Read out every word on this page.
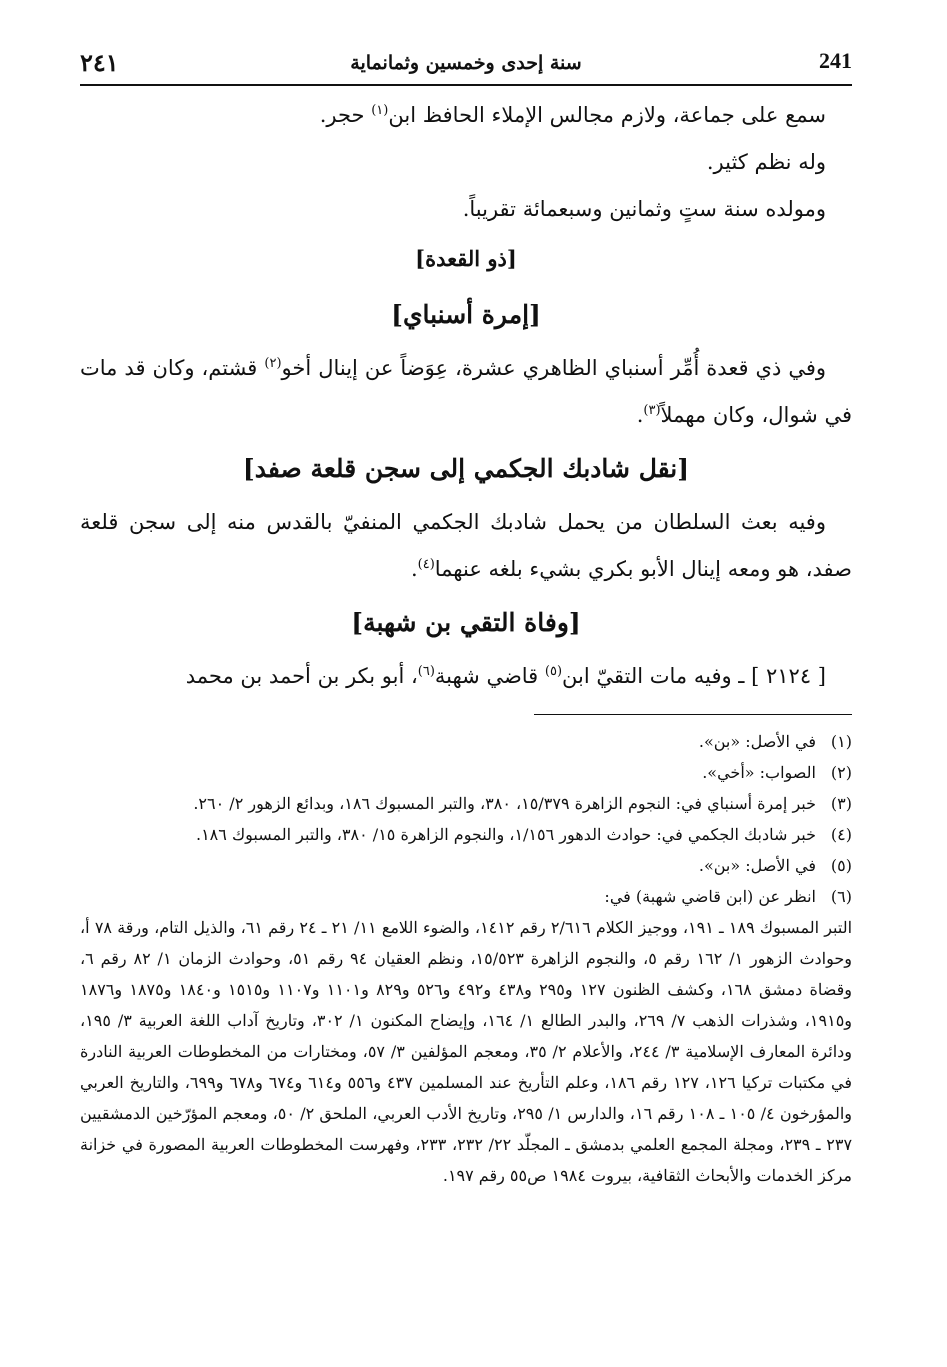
٢٤١	سنة إحدى وخمسين وثمانماية	241

سمع على جماعة، ولازم مجالس الإملاء الحافظ ابن$^{(١)}$ حجر.

وله نظم كثير.

ومولده سنة ستٍ وثمانين وسبعمائة تقريباً.

[ذو القعدة]

[إمرة أسنباي]

وفي ذي قعدة أُمِّر أسنباي الظاهري عشرة، عِوَضاً عن إينال أخو$^{(٢)}$ قشتم، وكان قد مات في شوال، وكان مهملاً$^{(٣)}$.

[نقل شادبك الجكمي إلى سجن قلعة صفد]

وفيه بعث السلطان من يحمل شادبك الجكمي المنفيّ بالقدس منه إلى سجن قلعة صفد، هو ومعه إينال الأبو بكري بشيء بلغه عنهما$^{(٤)}$.

[وفاة التقي بن شهبة]

[ ٢١٢٤ ] ـ وفيه مات التقيّ ابن$^{(٥)}$ قاضي شهبة$^{(٦)}$، أبو بكر بن أحمد بن محمد

(١)
في الأصل: «بن».

(٢)
الصواب: «أخي».

(٣)
خبر إمرة أسنباي في: النجوم الزاهرة ١٥/٣٧٩، ٣٨٠، والتبر المسبوك ١٨٦، وبدائع الزهور ٢/ ٢٦٠.

(٤)
خبر شادبك الجكمي في: حوادث الدهور ١/١٥٦، والنجوم الزاهرة ١٥/ ٣٨٠، والتبر المسبوك ١٨٦.

(٥)
في الأصل: «بن».

(٦)
انظر عن (ابن قاضي شهبة) في:

التبر المسبوك ١٨٩ ـ ١٩١، ووجيز الكلام ٢/٦١٦ رقم ١٤١٢، والضوء اللامع ١١/ ٢١ ـ ٢٤ رقم ٦١، والذيل التام، ورقة ٧٨ أ، وحوادث الزهور ١/ ١٦٢ رقم ٥، والنجوم الزاهرة ١٥/٥٢٣، ونظم العقيان ٩٤ رقم ٥١، وحوادث الزمان ١/ ٨٢ رقم ٦، وقضاة دمشق ١٦٨، وكشف الظنون ١٢٧ و٢٩٥ و٤٣٨ و٤٩٢ و٥٢٦ و٨٢٩ و١١٠١ و١١٠٧ و١٥١٥ و١٨٤٠ و١٨٧٥ و١٨٧٦ و١٩١٥، وشذرات الذهب ٧/ ٢٦٩، والبدر الطالع ١/ ١٦٤، وإيضاح المكنون ١/ ٣٠٢، وتاريخ آداب اللغة العربية ٣/ ١٩٥، ودائرة المعارف الإسلامية ٣/ ٢٤٤، والأعلام ٢/ ٣٥، ومعجم المؤلفين ٣/ ٥٧، ومختارات من المخطوطات العربية النادرة في مكتبات تركيا ١٢٦، ١٢٧ رقم ١٨٦، وعلم التأريخ عند المسلمين ٤٣٧ و٥٥٦ و٦١٤ و٦٧٤ و٦٧٨ و٦٩٩، والتاريخ العربي والمؤرخون ٤/ ١٠٥ ـ ١٠٨ رقم ١٦، والدارس ١/ ٢٩٥، وتاريخ الأدب العربي، الملحق ٢/ ٥٠، ومعجم المؤرّخين الدمشقيين ٢٣٧ ـ ٢٣٩، ومجلة المجمع العلمي بدمشق ـ المجلّد ٢٢/ ٢٣٢، ٢٣٣، وفهرست المخطوطات العربية المصورة في خزانة مركز الخدمات والأبحاث الثقافية، بيروت ١٩٨٤ ص٥٥ رقم ١٩٧.
